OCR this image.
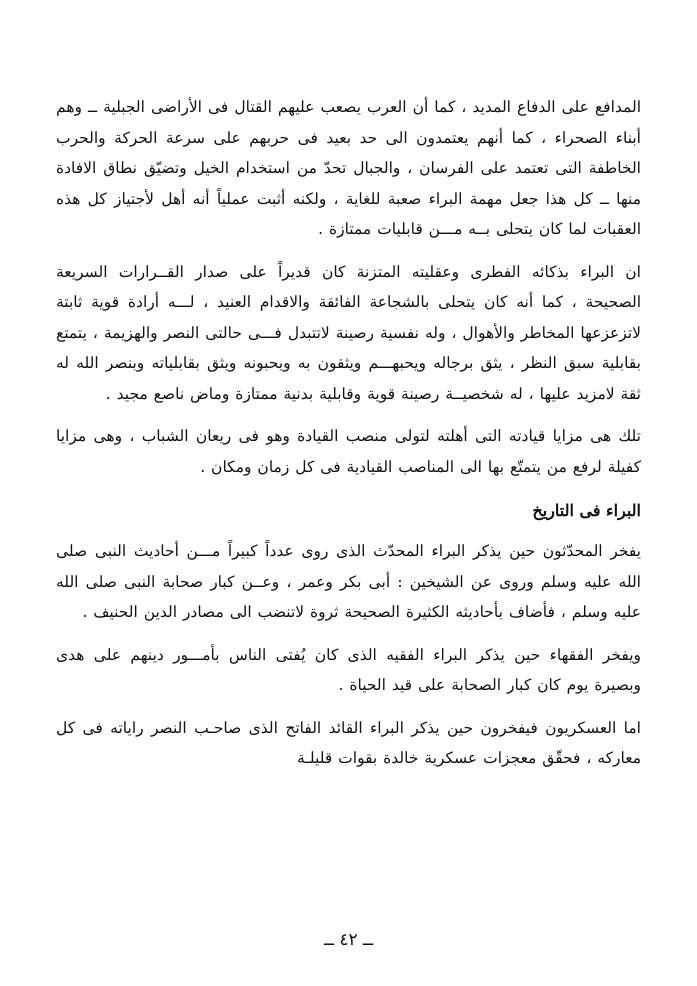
المدافع على الدفاع المديد ، كما أن العرب يصعب عليهم القتال فى الأراضى الجبلية ــ وهم أبناء الصحراء ، كما أنهم يعتمدون الى حد بعيد فى حربهم على سرعة الحركة والحرب الخاطفة التى تعتمد على الفرسان ، والجبال تحدّ من استخدام الخيل وتضيّق نطاق الافادة منها ــ كل هذا جعل مهمة البراء صعبة للغاية ، ولكنه أثبت عملياً أنه أهل لأجتياز كل هذه العقبات لما كان يتحلى بــه مـــن قابليات ممتازة .

ان البراء بذكائه الفطرى وعقليته المتزنة كان قديراً على صدار القــرارات السريعة الصحيحة ، كما أنه كان يتحلى بالشجاعة الفائقة والاقدام العنيد ، لـــه أرادة قوية ثابتة لاتزعزعها المخاطر والأهوال ، وله نفسية رصينة لاتتبدل فـــى حالتى النصر والهزيمة ، يتمتع بقابلية سبق النظر ، يثق برجاله ويحبهـــم ويثقون به ويحبونه ويثق بقابلياته وبنصر الله له ثقة لامزيد عليها ، له شخصيــة رصينة قوية وقابلية بدنية ممتازة وماض ناصع مجيد .

تلك هى مزايا قيادته التى أهلته لتولى منصب القيادة وهو فى ريعان الشباب ، وهى مزايا كفيلة لرفع من يتمتّع بها الى المناصب القيادية فى كل زمان ومكان .

البراء فى التاريخ

يفخر المحدّثون حين يذكر البراء المحدّث الذى روى عدداً كبيراً مـــن أحاديث النبى صلى الله عليه وسلم وروى عن الشيخين : أبى بكر وعمر ، وعــن كبار صحابة النبى صلى الله عليه وسلم ، فأضاف بأحاديثه الكثيرة الصحيحة ثروة لاتنضب الى مصادر الدين الحنيف .

ويفخر الفقهاء حين يذكر البراء الفقيه الذى كان يُفتى الناس بأمـــور دينهم على هدى وبصيرة يوم كان كبار الصحابة على قيد الحياة .

اما العسكريون فيفخرون حين يذكر البراء القائد الفاتح الذى صاحـب النصر راياته فى كل معاركه ، فحقّق معجزات عسكرية خالدة بقوات قليلـة

ــ ٤٢ ــ
